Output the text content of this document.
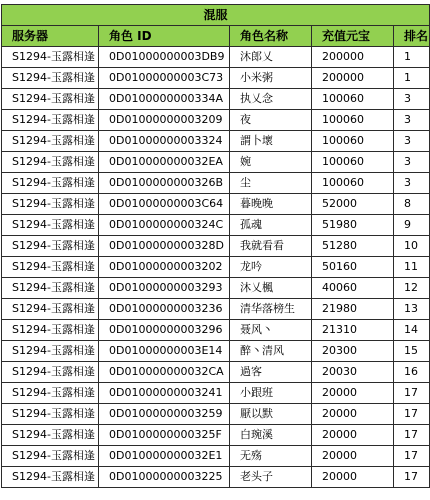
混服				
服务器	角色 ID	角色名称	充值元宝	排名
S1294-玉露相逢	0D01000000003DB9	沐郎乂	200000	1
S1294-玉露相逢	0D01000000003C73	小米粥	200000	1
S1294-玉露相逢	0D0100000000334A	执乂念	100060	3
S1294-玉露相逢	0D01000000003209	夜	100060	3
S1294-玉露相逢	0D01000000003324	謂卜壞	100060	3
S1294-玉露相逢	0D010000000032EA	婉	100060	3
S1294-玉露相逢	0D0100000000326B	尘	100060	3
S1294-玉露相逢	0D01000000003C64	暮晚晚	52000	8
S1294-玉露相逢	0D0100000000324C	孤魂	51980	9
S1294-玉露相逢	0D0100000000328D	我就看看	51280	10
S1294-玉露相逢	0D01000000003202	龙吟	50160	11
S1294-玉露相逢	0D01000000003293	沐乂楓	40060	12
S1294-玉露相逢	0D01000000003236	清华落榜生	21980	13
S1294-玉露相逢	0D01000000003296	聂风丶	21310	14
S1294-玉露相逢	0D01000000003E14	醉丶清风	20300	15
S1294-玉露相逢	0D010000000032CA	過客	20030	16
S1294-玉露相逢	0D01000000003241	小跟班	20000	17
S1294-玉露相逢	0D01000000003259	厭以默	20000	17
S1294-玉露相逢	0D0100000000325F	白琬溪	20000	17
S1294-玉露相逢	0D010000000032E1	无殇	20000	17
S1294-玉露相逢	0D01000000003225	老头子	20000	17
